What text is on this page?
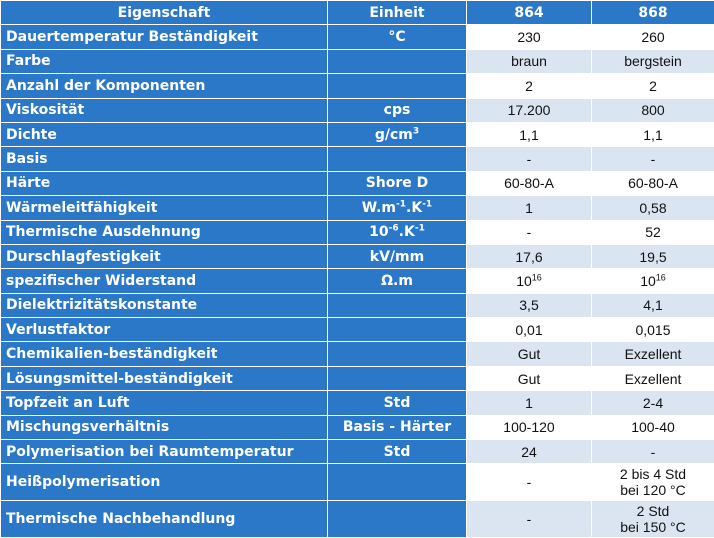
Eigenschaft	Einheit	864	868
Dauertemperatur Beständigkeit	°C	230	260
Farbe		braun	bergstein
Anzahl der Komponenten		2	2
Viskosität	cps	17.200	800
Dichte	$g/cm^3$	1,1	1,1
Basis		-	-
Härte	Shore D	60-80-A	60-80-A
Wärmeleitfähigkeit	$W.m^{-1}.K^{-1}$	1	0,58
Thermische Ausdehnung	$10^{-6}.K^{-1}$	-	52
Durschlagfestigkeit	kV/mm	17,6	19,5
spezifischer Widerstand	Ω.m	$10^{16}$	$10^{16}$
Dielektrizitätskonstante		3,5	4,1
Verlustfaktor		0,01	0,015
Chemikalien-beständigkeit		Gut	Exzellent
Lösungsmittel-beständigkeit		Gut	Exzellent
Topfzeit an Luft	Std	1	2-4
Mischungsverhältnis	Basis - Härter	100-120	100-40
Polymerisation bei Raumtemperatur	Std	24	-
Heißpolymerisation		-	2 bis 4 Std
bei 120 °C

Thermische Nachbehandlung		-	2 Std
bei 150 °C
